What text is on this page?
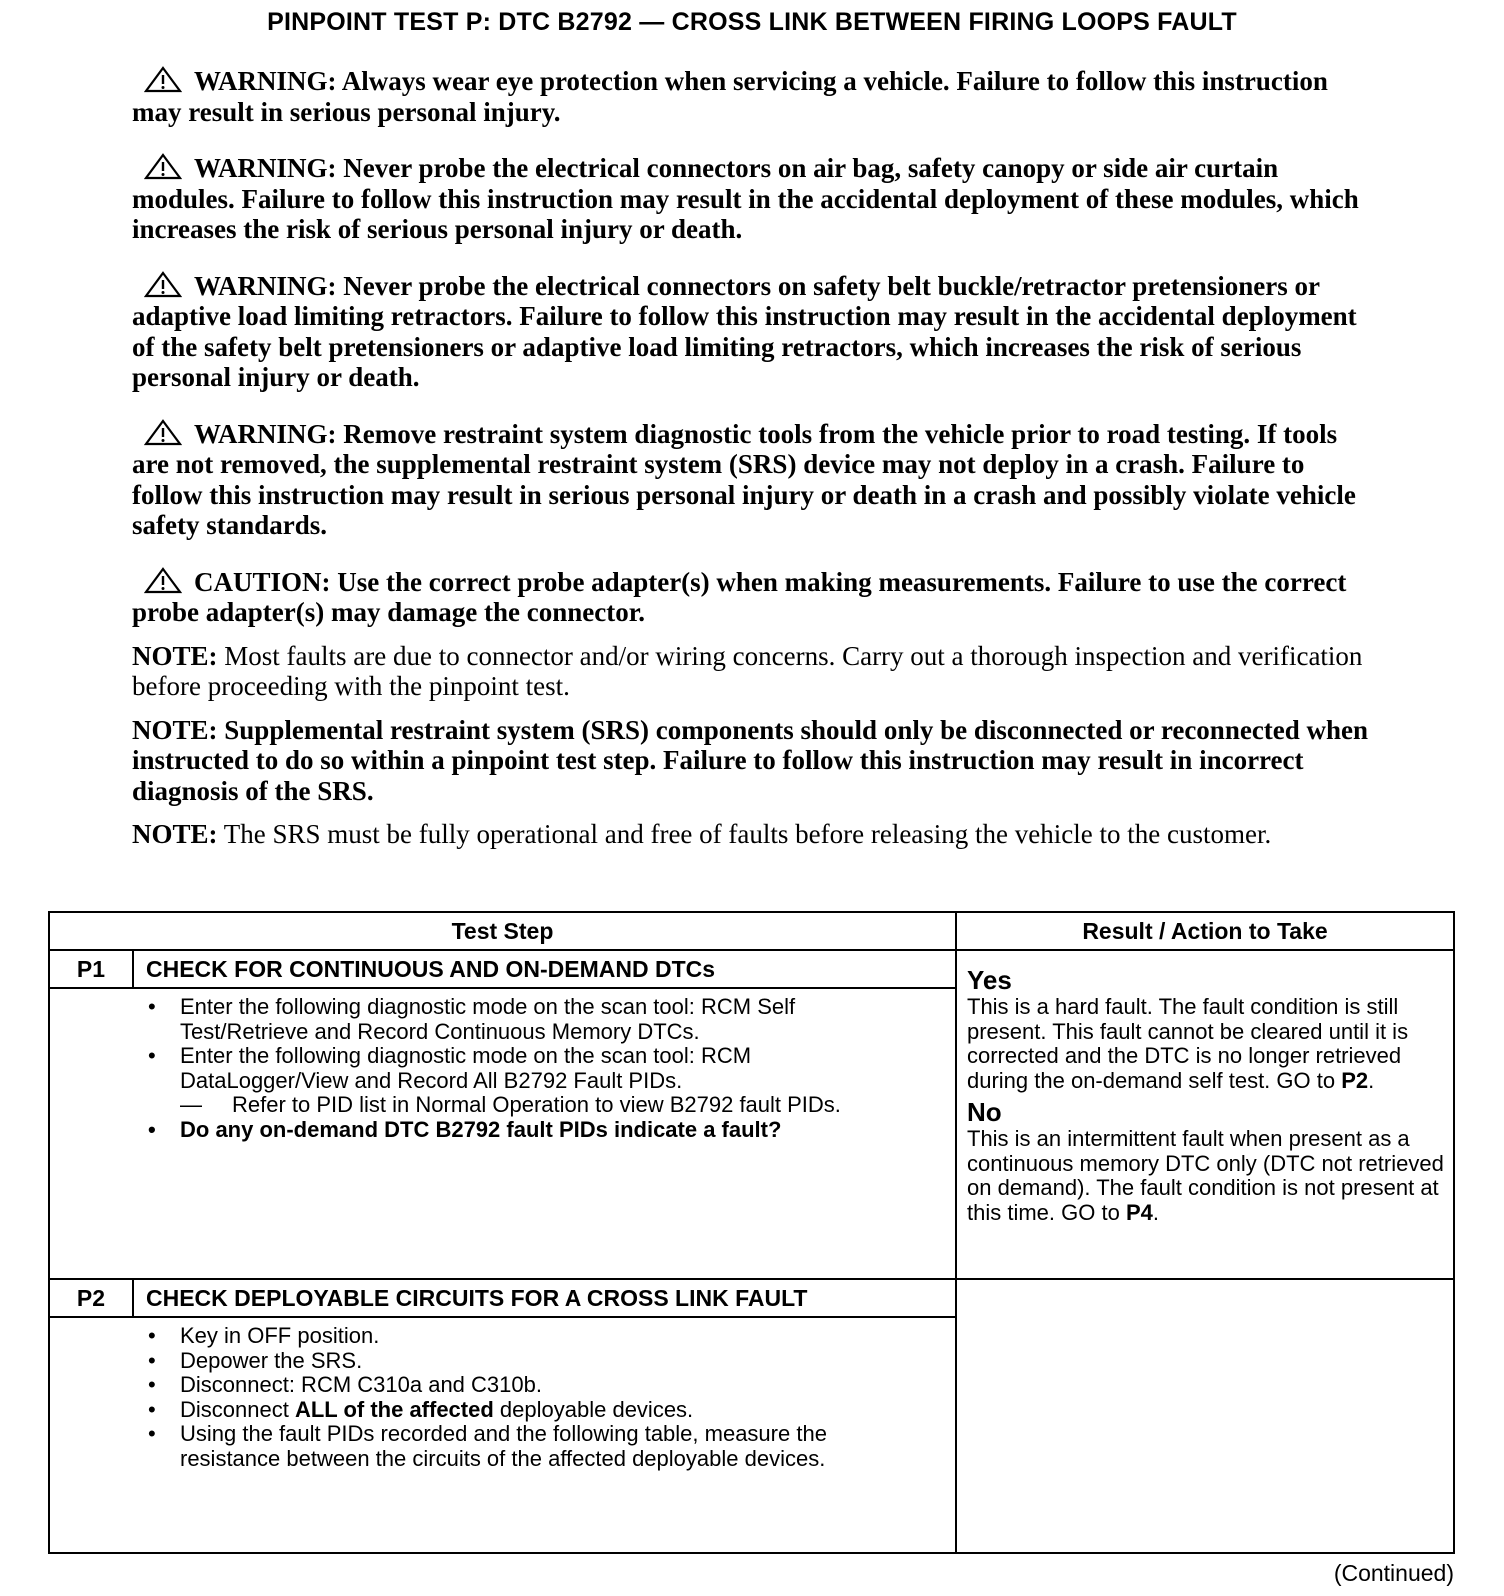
PINPOINT TEST P: DTC B2792 — CROSS LINK BETWEEN FIRING LOOPS FAULT
WARNING: Always wear eye protection when servicing a vehicle. Failure to follow this instruction may result in serious personal injury.
WARNING: Never probe the electrical connectors on air bag, safety canopy or side air curtain modules. Failure to follow this instruction may result in the accidental deployment of these modules, which increases the risk of serious personal injury or death.
WARNING: Never probe the electrical connectors on safety belt buckle/retractor pretensioners or adaptive load limiting retractors. Failure to follow this instruction may result in the accidental deployment of the safety belt pretensioners or adaptive load limiting retractors, which increases the risk of serious personal injury or death.
WARNING: Remove restraint system diagnostic tools from the vehicle prior to road testing. If tools are not removed, the supplemental restraint system (SRS) device may not deploy in a crash. Failure to follow this instruction may result in serious personal injury or death in a crash and possibly violate vehicle safety standards.
CAUTION: Use the correct probe adapter(s) when making measurements. Failure to use the correct probe adapter(s) may damage the connector.
NOTE: Most faults are due to connector and/or wiring concerns. Carry out a thorough inspection and verification before proceeding with the pinpoint test.
NOTE: Supplemental restraint system (SRS) components should only be disconnected or reconnected when instructed to do so within a pinpoint test step. Failure to follow this instruction may result in incorrect diagnosis of the SRS.
NOTE: The SRS must be fully operational and free of faults before releasing the vehicle to the customer.
Test Step	Result / Action to Take
P1	CHECK FOR CONTINUOUS AND ON-DEMAND DTCs
• Enter the following diagnostic mode on the scan tool: RCM Self Test/Retrieve and Record Continuous Memory DTCs.
• Enter the following diagnostic mode on the scan tool: RCM DataLogger/View and Record All B2792 Fault PIDs.
— Refer to PID list in Normal Operation to view B2792 fault PIDs.
• Do any on-demand DTC B2792 fault PIDs indicate a fault?
Yes

This is a hard fault. The fault condition is still present. This fault cannot be cleared until it is corrected and the DTC is no longer retrieved during the on-demand self test. GO to P2.

No

This is an intermittent fault when present as a continuous memory DTC only (DTC not retrieved on demand). The fault condition is not present at this time. GO to P4.

P2	CHECK DEPLOYABLE CIRCUITS FOR A CROSS LINK FAULT
• Key in OFF position.
• Depower the SRS.
• Disconnect: RCM C310a and C310b.
• Disconnect ALL of the affected deployable devices.
• Using the fault PIDs recorded and the following table, measure the resistance between the circuits of the affected deployable devices.
(Continued)
